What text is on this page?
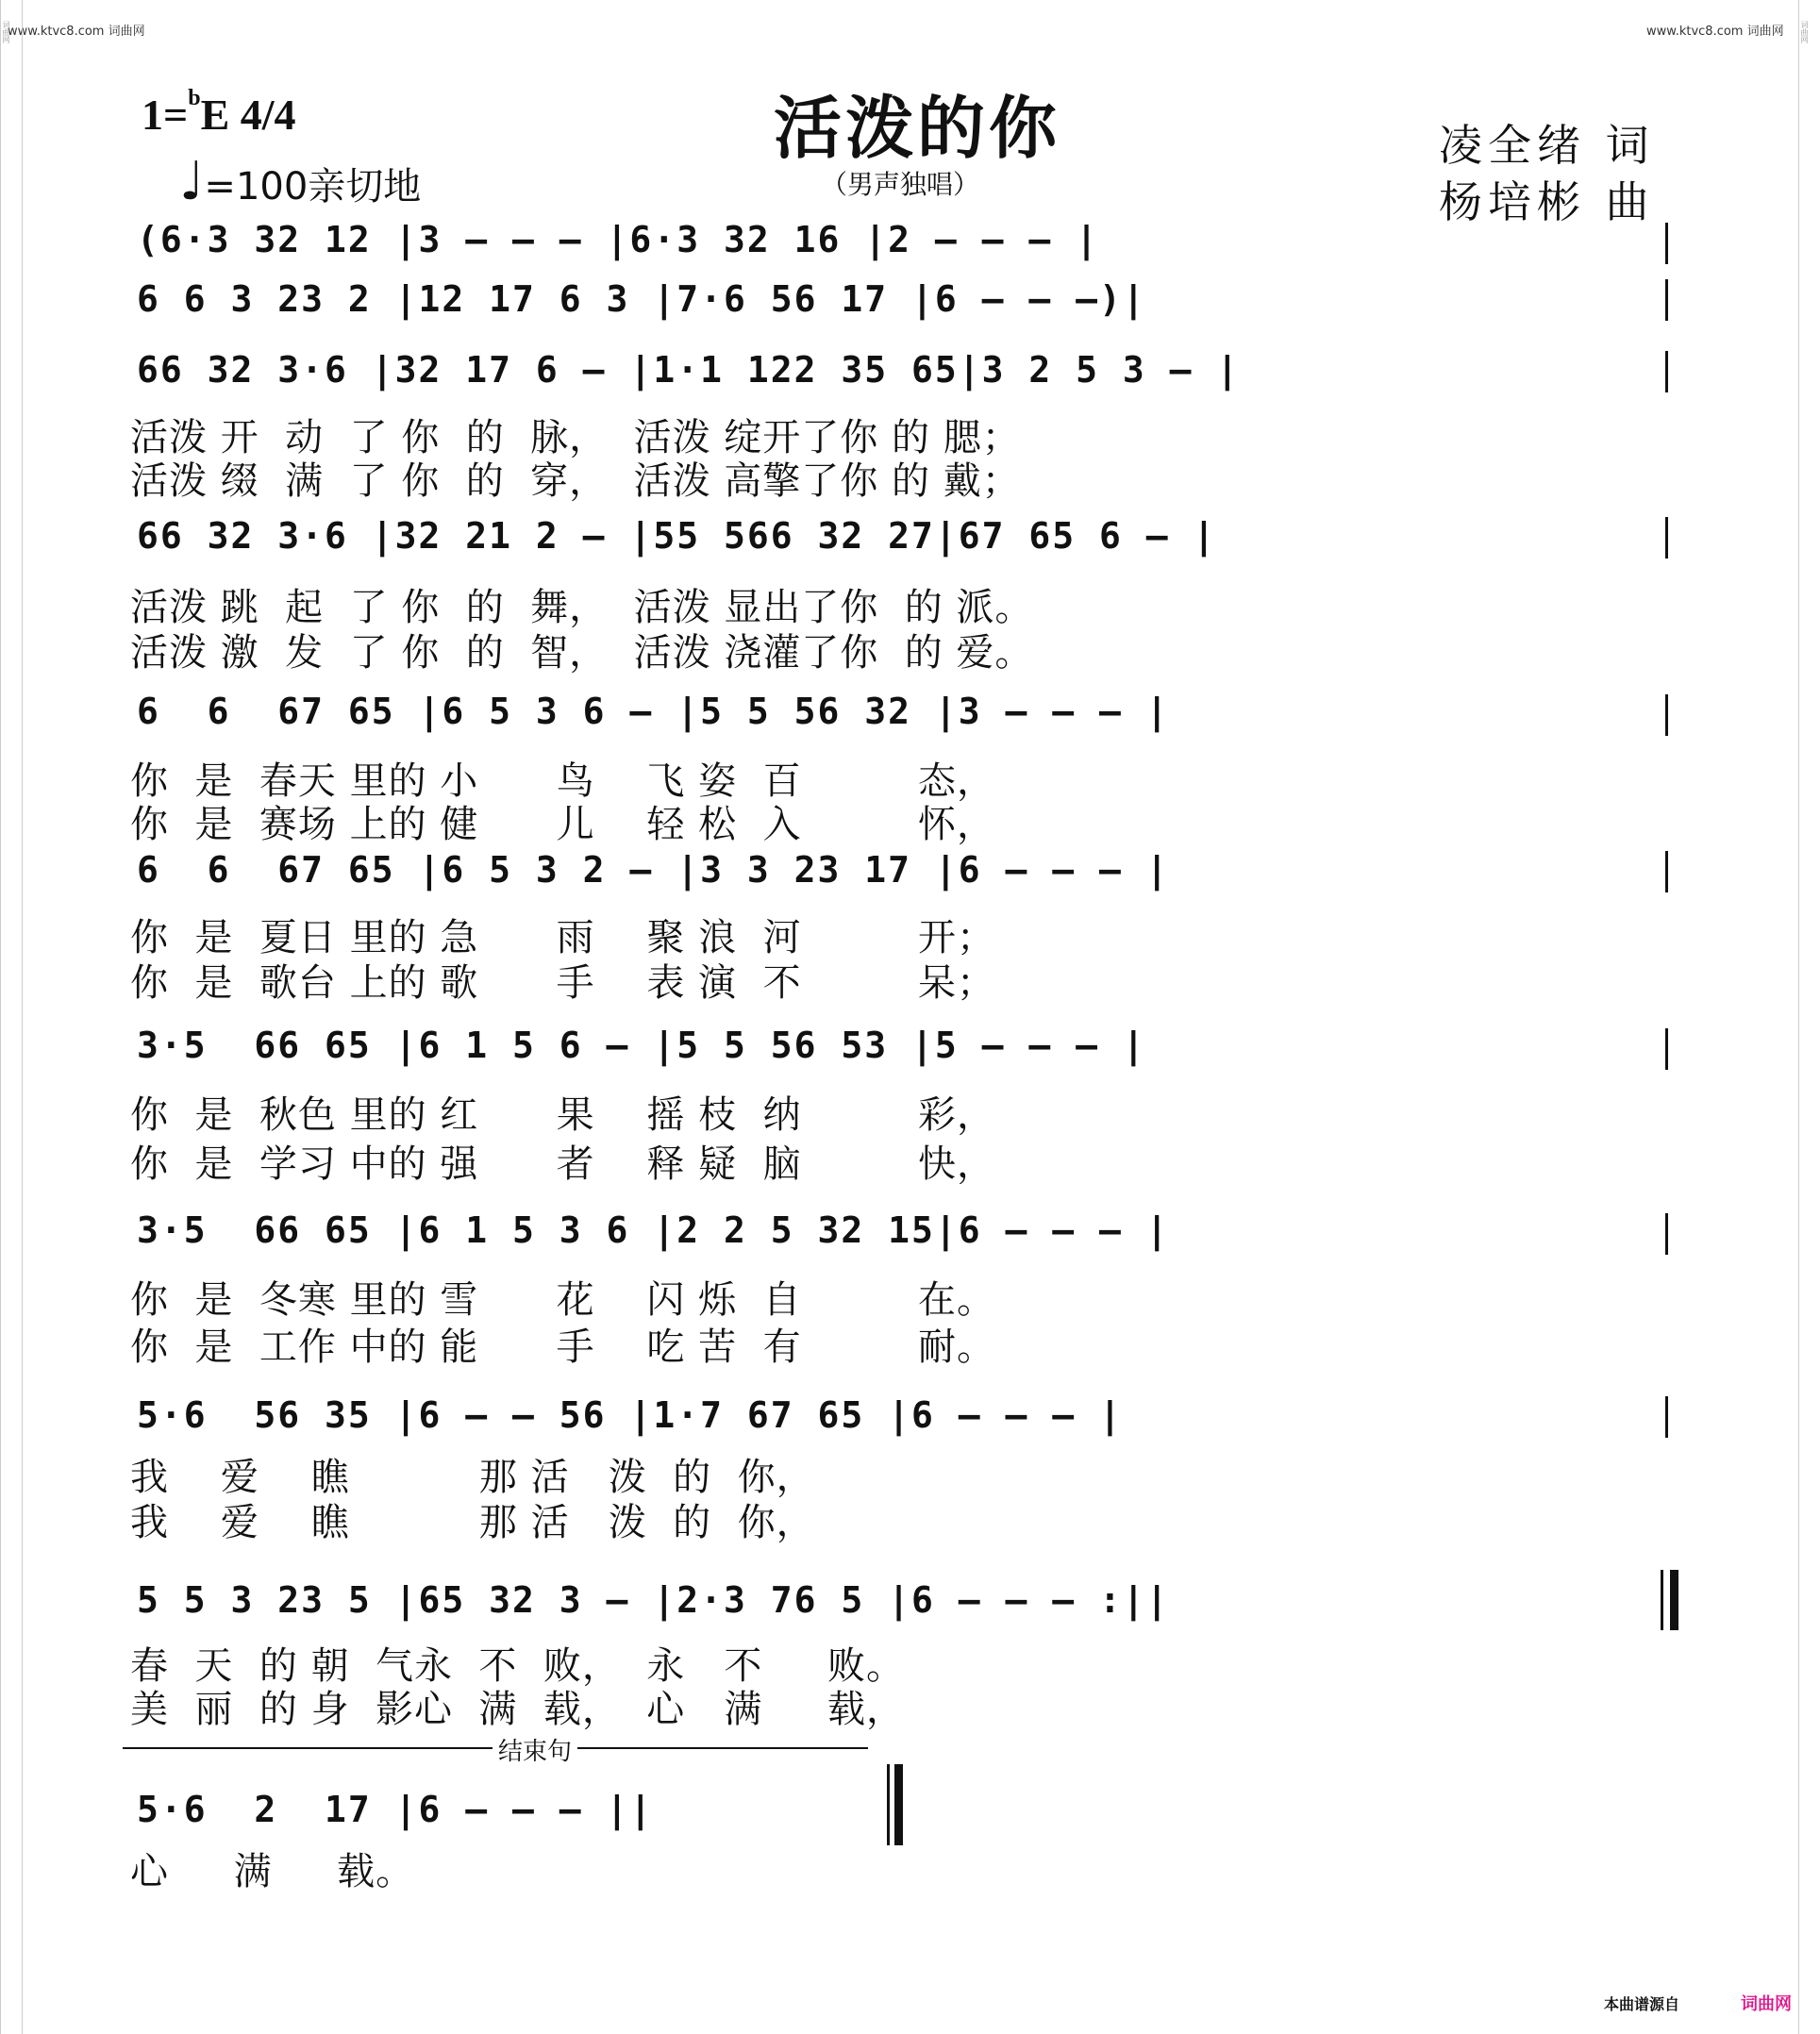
www.ktvc8.com 词曲网	www.ktvc8.com 词曲网
词曲网	词曲网
1=$^b$E 4/4
♩=100亲切地
活泼的你
（男声独唱）
凌全绪 词
杨培彬 曲
(6·3 32 12 |3 — — — |6·3 32 16 |2 — — — |
6 6 3 23 2 |12 17 6 3 |7·6 56 17 |6 — — —)|
66 32 3·6 |32 17 6 — |1·1 122 35 65|3 2 5 3 — |
活泼 开  动  了 你  的  脉，  活泼 绽开了你 的 腮；
活泼 缀  满  了 你  的  穿，  活泼 高擎了你 的 戴；
66 32 3·6 |32 21 2 — |55 566 32 27|67 65 6 — |
活泼 跳  起  了 你  的  舞，  活泼 显出了你  的 派。
活泼 激  发  了 你  的  智，  活泼 浇灌了你  的 爱。
6  6  67 65 |6 5 3 6 — |5 5 56 32 |3 — — — |
你  是  春天 里的 小      鸟    飞 姿  百         态，
你  是  赛场 上的 健      儿    轻 松  入         怀，
6  6  67 65 |6 5 3 2 — |3 3 23 17 |6 — — — |
你  是  夏日 里的 急      雨    聚 浪  河         开；
你  是  歌台 上的 歌      手    表 演  不         呆；
3·5  66 65 |6 1 5 6 — |5 5 56 53 |5 — — — |
你  是  秋色 里的 红      果    摇 枝  纳         彩，
你  是  学习 中的 强      者    释 疑  脑         快，
3·5  66 65 |6 1 5 3 6 |2 2 5 32 15|6 — — — |
你  是  冬寒 里的 雪      花    闪 烁  自         在。
你  是  工作 中的 能      手    吃 苦  有         耐。
5·6  56 35 |6 — — 56 |1·7 67 65 |6 — — — |
我    爱    瞧          那 活   泼  的  你，
我    爱    瞧          那 活   泼  的  你，
5 5 3 23 5 |65 32 3 — |2·3 76 5 |6 — — — :||
春  天  的 朝  气永  不  败，  永   不     败。
美  丽  的 身  影心  满  载，  心   满     载，
结束句
5·6  2  17 |6 — — — ||
心     满     载。
本曲谱源自	词曲网
